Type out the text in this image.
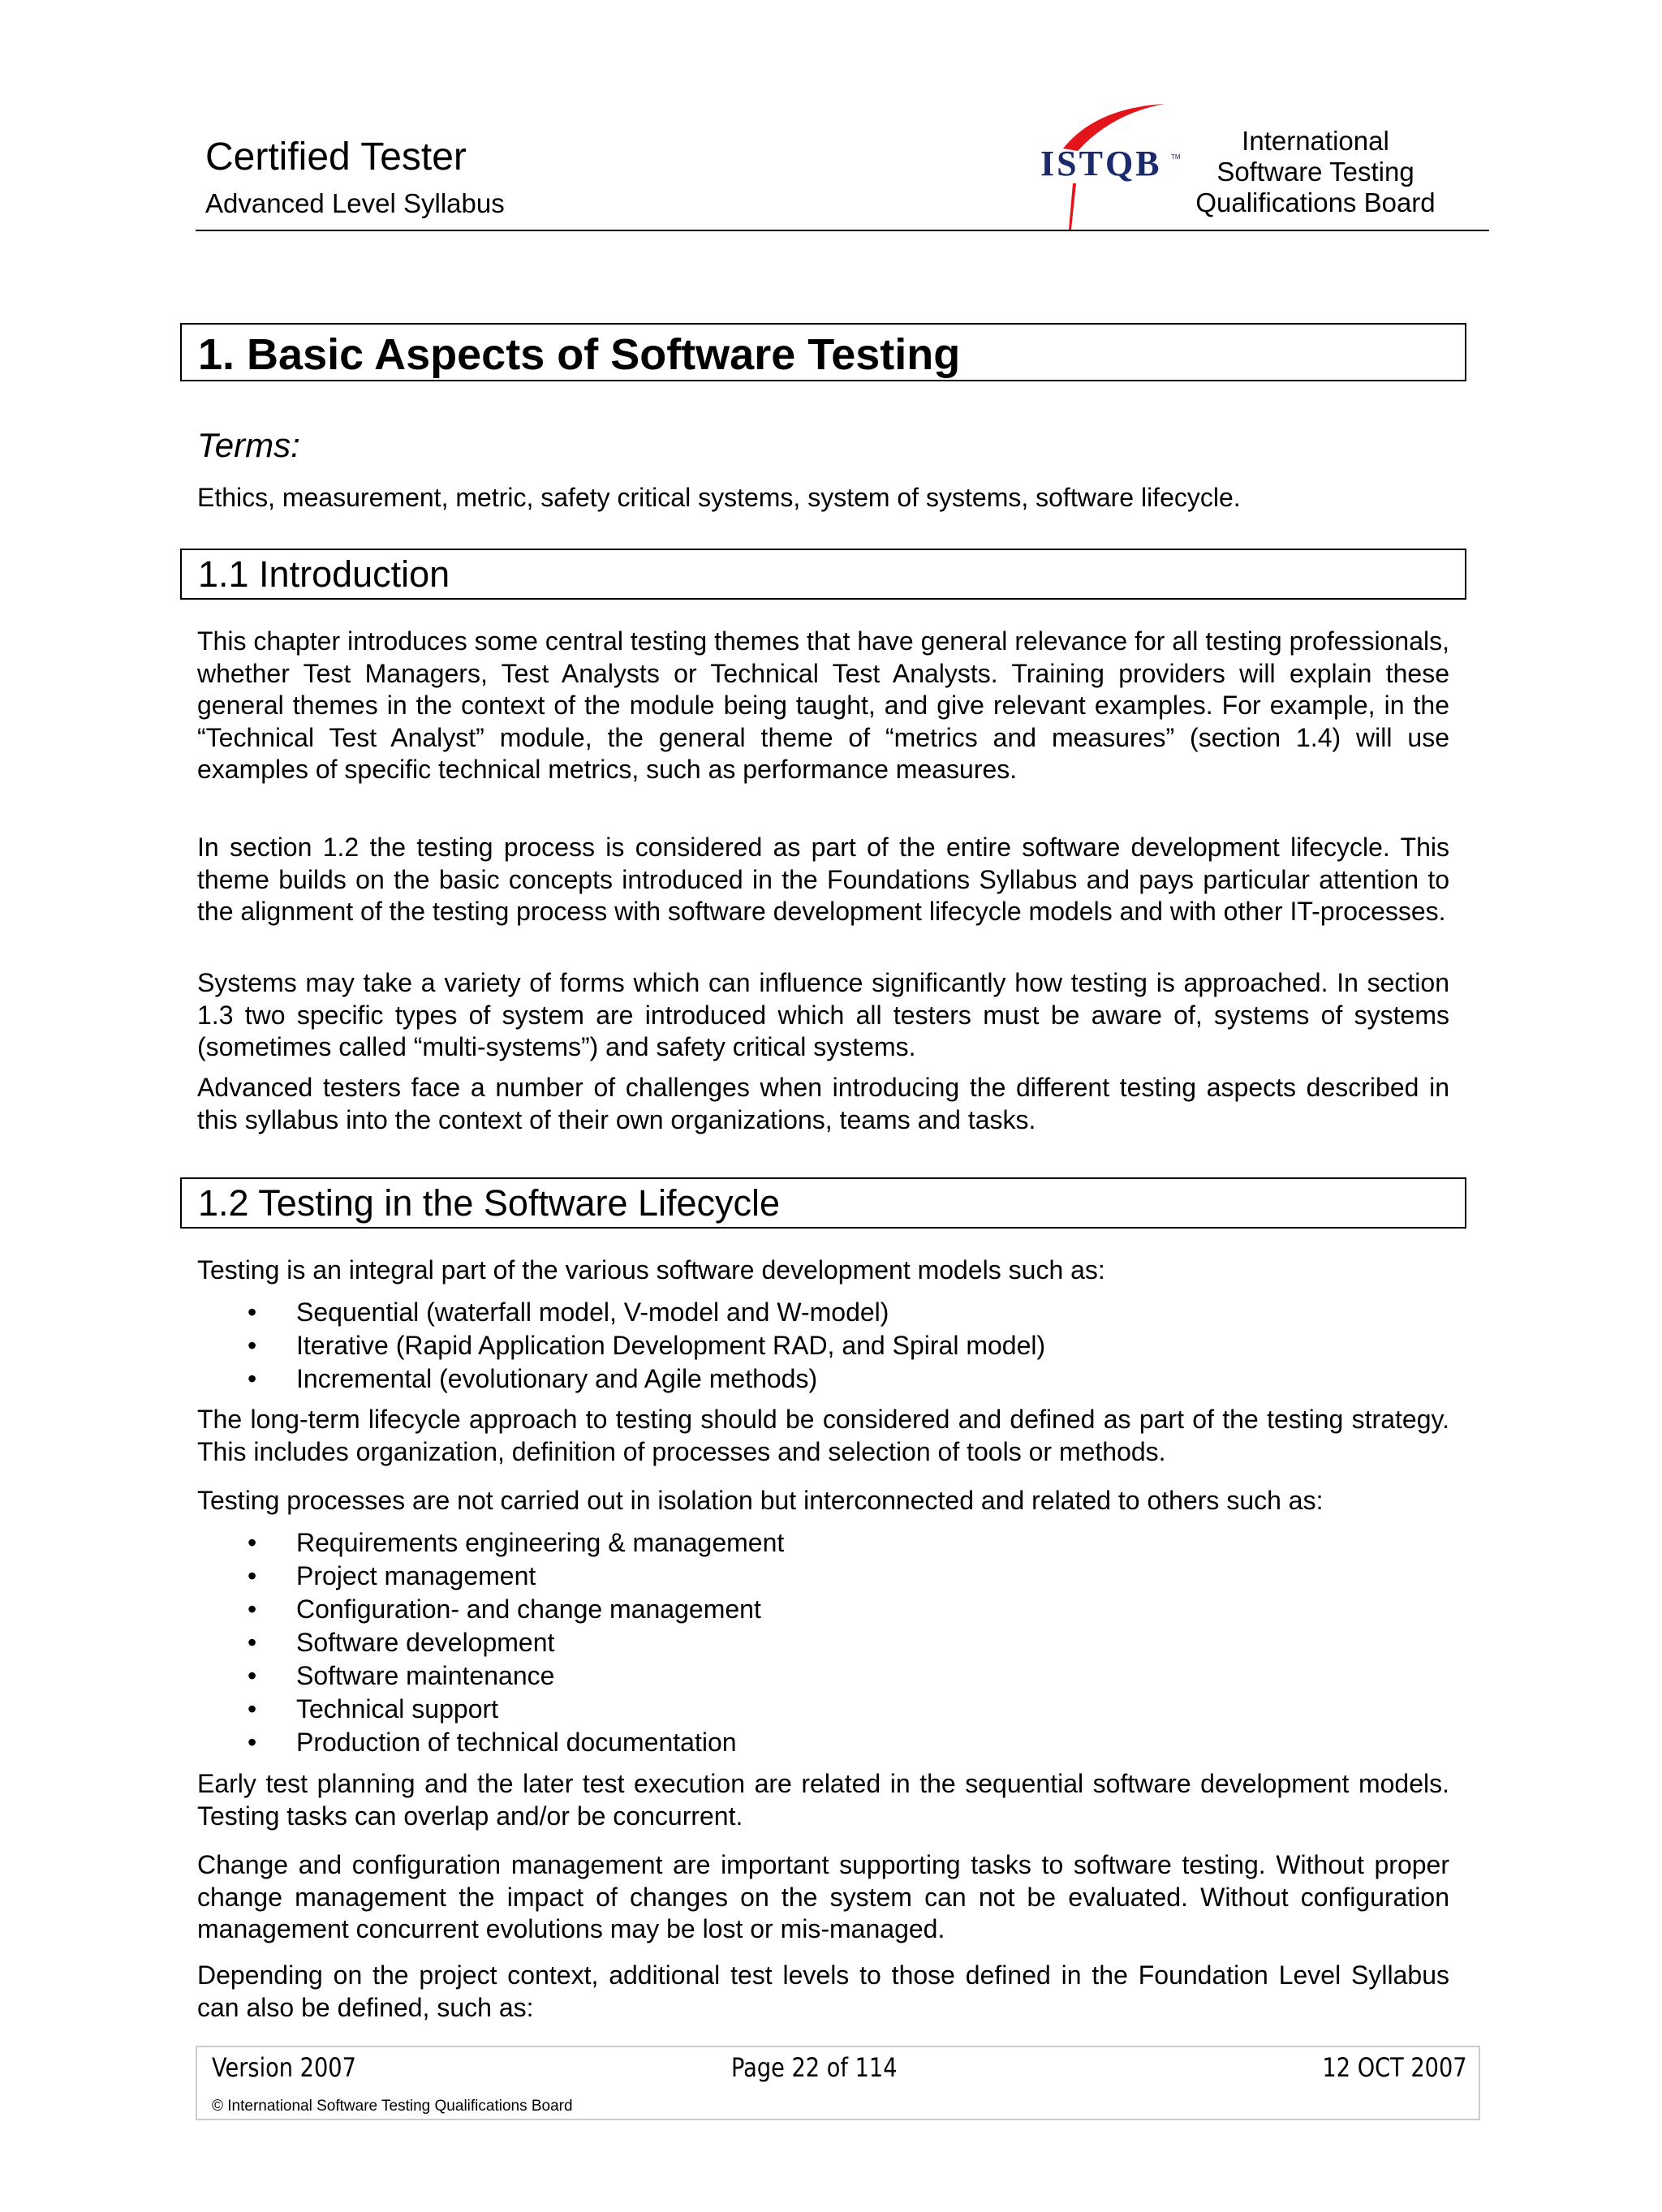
Certified Tester
Advanced Level Syllabus
ISTQB TM
International
Software Testing
Qualifications Board
1. Basic Aspects of Software Testing
Terms:
Ethics, measurement, metric, safety critical systems, system of systems, software lifecycle.
1.1 Introduction
This chapter introduces some central testing themes that have general relevance for all testing professionals, whether Test Managers, Test Analysts or Technical Test Analysts. Training providers will explain these general themes in the context of the module being taught, and give relevant examples. For example, in the “Technical Test Analyst” module, the general theme of “metrics and measures” (section 1.4) will use examples of specific technical metrics, such as performance measures.
In section 1.2 the testing process is considered as part of the entire software development lifecycle. This theme builds on the basic concepts introduced in the Foundations Syllabus and pays particular attention to the alignment of the testing process with software development lifecycle models and with other IT-processes.
Systems may take a variety of forms which can influence significantly how testing is approached. In section 1.3 two specific types of system are introduced which all testers must be aware of, systems of systems (sometimes called “multi-systems”) and safety critical systems.
Advanced testers face a number of challenges when introducing the different testing aspects described in this syllabus into the context of their own organizations, teams and tasks.
1.2 Testing in the Software Lifecycle
Testing is an integral part of the various software development models such as:
• Sequential (waterfall model, V-model and W-model)
• Iterative (Rapid Application Development RAD, and Spiral model)
• Incremental (evolutionary and Agile methods)
The long-term lifecycle approach to testing should be considered and defined as part of the testing strategy. This includes organization, definition of processes and selection of tools or methods.
Testing processes are not carried out in isolation but interconnected and related to others such as:
• Requirements engineering & management
• Project management
• Configuration- and change management
• Software development
• Software maintenance
• Technical support
• Production of technical documentation
Early test planning and the later test execution are related in the sequential software development models. Testing tasks can overlap and/or be concurrent.
Change and configuration management are important supporting tasks to software testing. Without proper change management the impact of changes on the system can not be evaluated. Without configuration management concurrent evolutions may be lost or mis-managed.
Depending on the project context, additional test levels to those defined in the Foundation Level Syllabus can also be defined, such as:
Version 2007	Page 22 of 114	12 OCT 2007
© International Software Testing Qualifications Board
